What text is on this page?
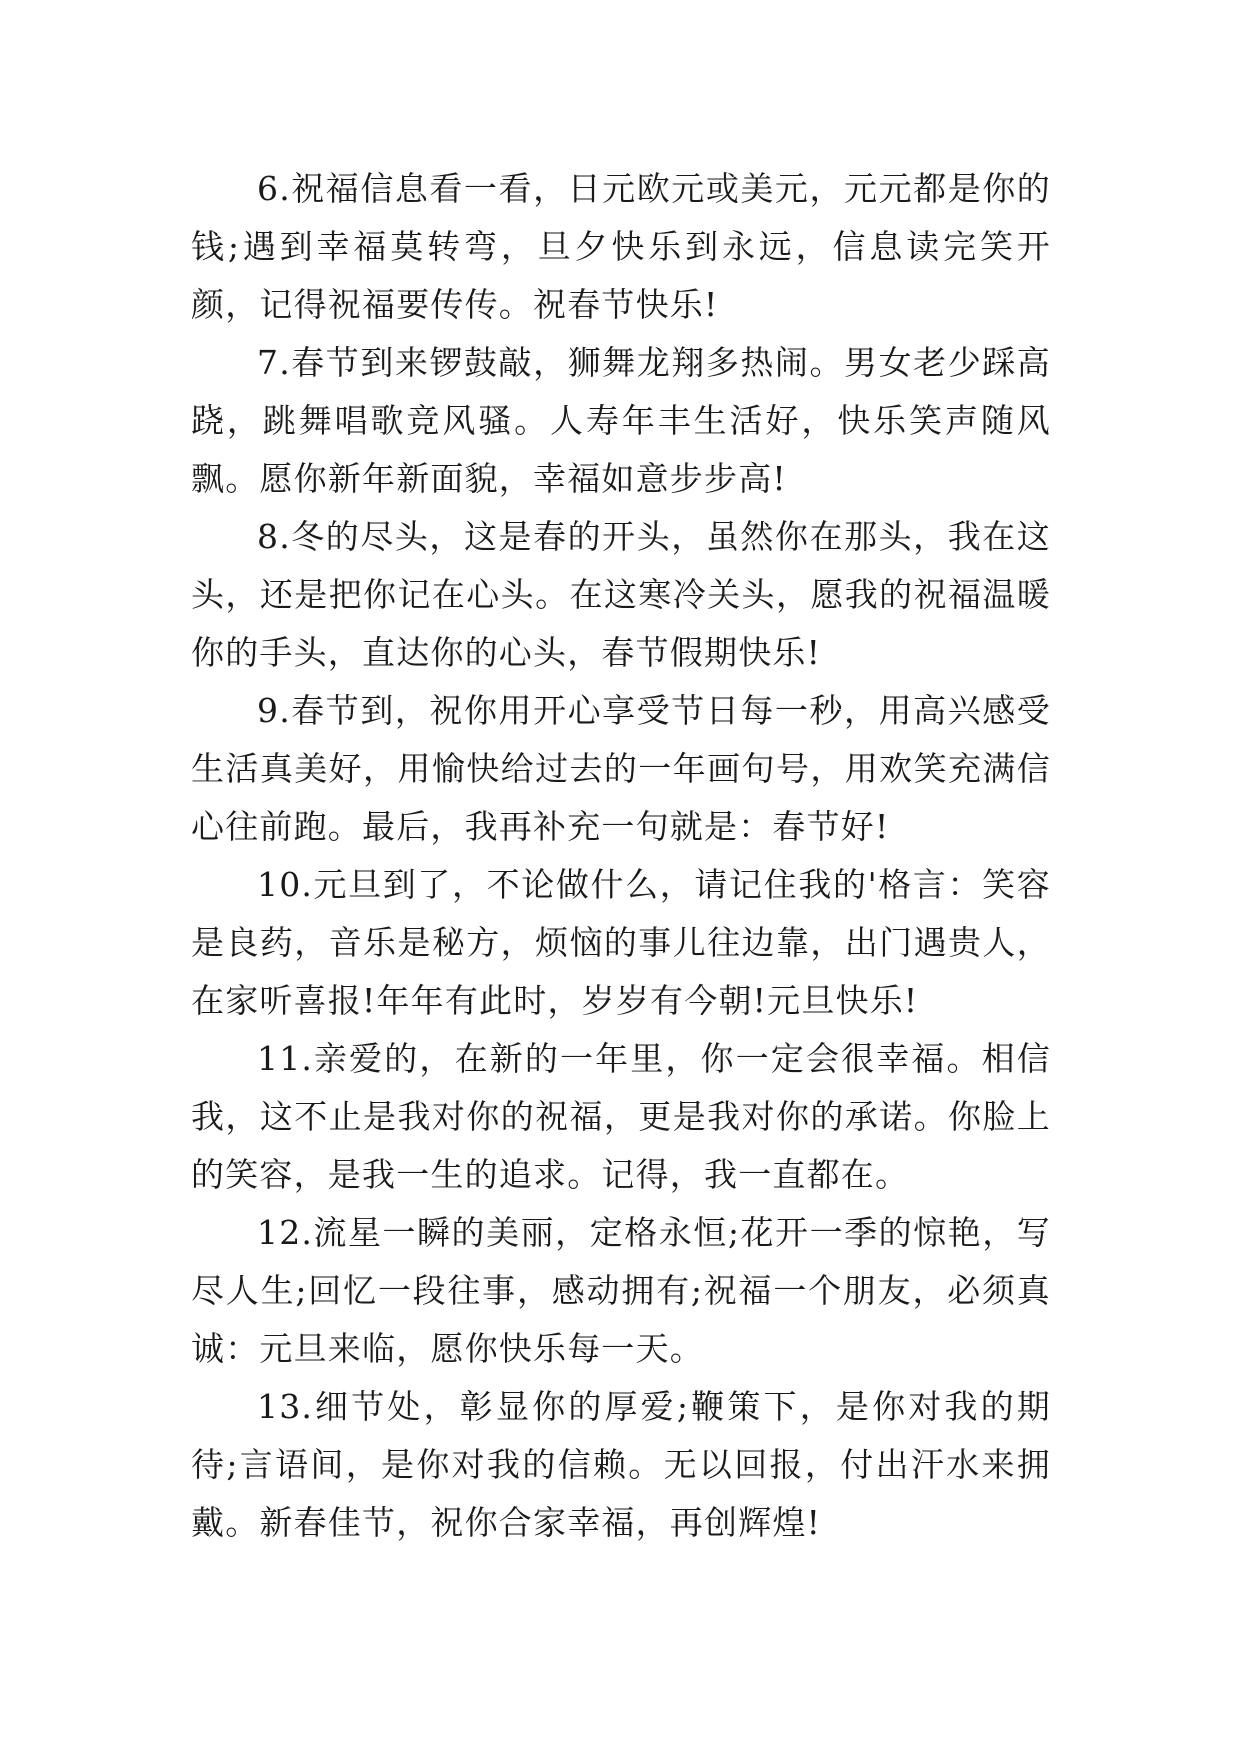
6.祝福信息看一看，日元欧元或美元，元元都是你的钱;遇到幸福莫转弯，旦夕快乐到永远，信息读完笑开颜，记得祝福要传传。祝春节快乐!

7.春节到来锣鼓敲，狮舞龙翔多热闹。男女老少踩高跷，跳舞唱歌竞风骚。人寿年丰生活好，快乐笑声随风飘。愿你新年新面貌，幸福如意步步高!

8.冬的尽头，这是春的开头，虽然你在那头，我在这头，还是把你记在心头。在这寒冷关头，愿我的祝福温暖你的手头，直达你的心头，春节假期快乐!

9.春节到，祝你用开心享受节日每一秒，用高兴感受生活真美好，用愉快给过去的一年画句号，用欢笑充满信心往前跑。最后，我再补充一句就是：春节好!

10.元旦到了，不论做什么，请记住我的'格言：笑容是良药，音乐是秘方，烦恼的事儿往边靠，出门遇贵人，在家听喜报!年年有此时，岁岁有今朝!元旦快乐!

11.亲爱的，在新的一年里，你一定会很幸福。相信我，这不止是我对你的祝福，更是我对你的承诺。你脸上的笑容，是我一生的追求。记得，我一直都在。

12.流星一瞬的美丽，定格永恒;花开一季的惊艳，写尽人生;回忆一段往事，感动拥有;祝福一个朋友，必须真诚：元旦来临，愿你快乐每一天。

13.细节处，彰显你的厚爱;鞭策下，是你对我的期待;言语间，是你对我的信赖。无以回报，付出汗水来拥戴。新春佳节，祝你合家幸福，再创辉煌!
